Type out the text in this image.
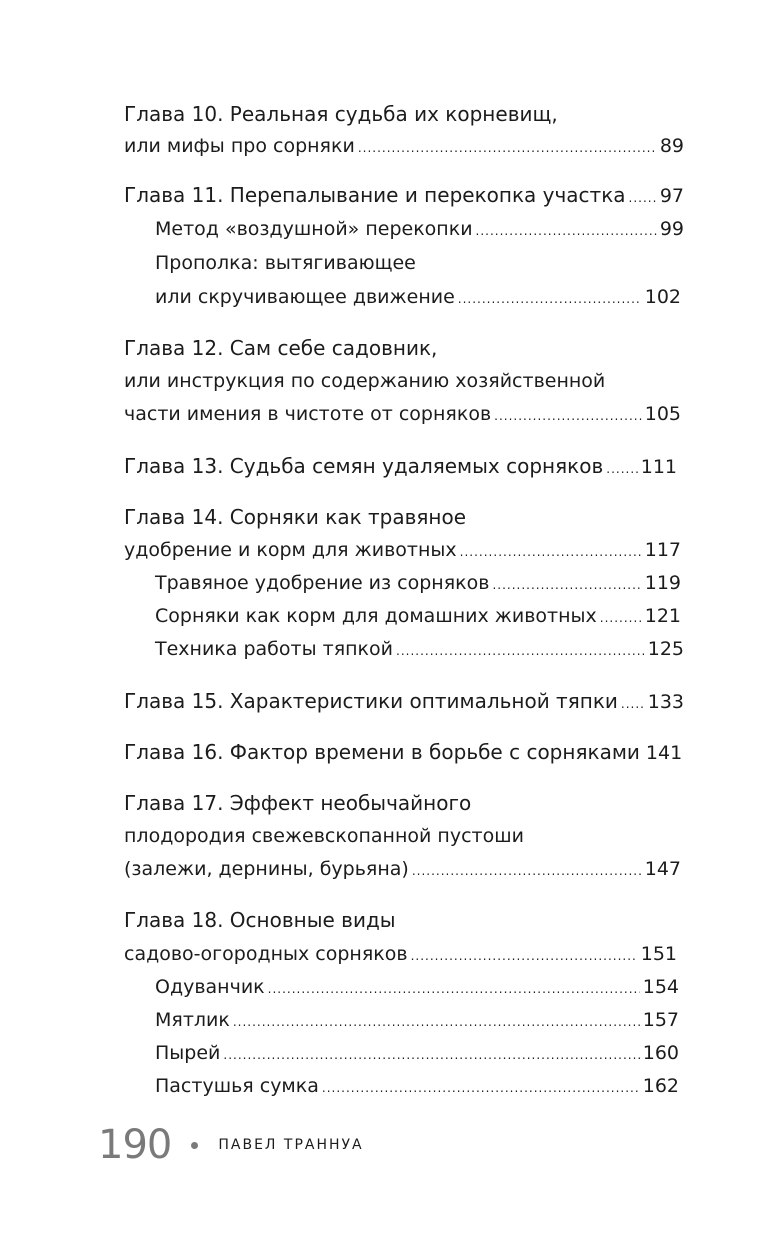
Глава 10. Реальная судьба их корневищ,
или мифы про сорняки .....	89
Глава 11. Перепалывание и перекопка участка ..... 97
Метод «воздушной» перекопки .....	99
Прополка: вытягивающее
или скручивающее движение .....	102
Глава 12. Сам себе садовник,
или инструкция по содержанию хозяйственной
части имения в чистоте от сорняков .....	105
Глава 13. Судьба семян удаляемых сорняков ..... 111
Глава 14. Сорняки как травяное
удобрение и корм для животных .....	117
Травяное удобрение из сорняков .....	119
Сорняки как корм для домашних животных .....	121
Техника работы тяпкой .....	125
Глава 15. Характеристики оптимальной тяпки ..... 133
Глава 16. Фактор времени в борьбе с сорняками 141
Глава 17. Эффект необычайного
плодородия свежевскопанной пустоши
(залежи, дернины, бурьяна) .....	147
Глава 18. Основные виды
садово-огородных сорняков .....	151
Одуванчик .....	154
Мятлик .....	157
Пырей .....	160
Пастушья сумка .....	162
190	ПАВЕЛ ТРАННУА
